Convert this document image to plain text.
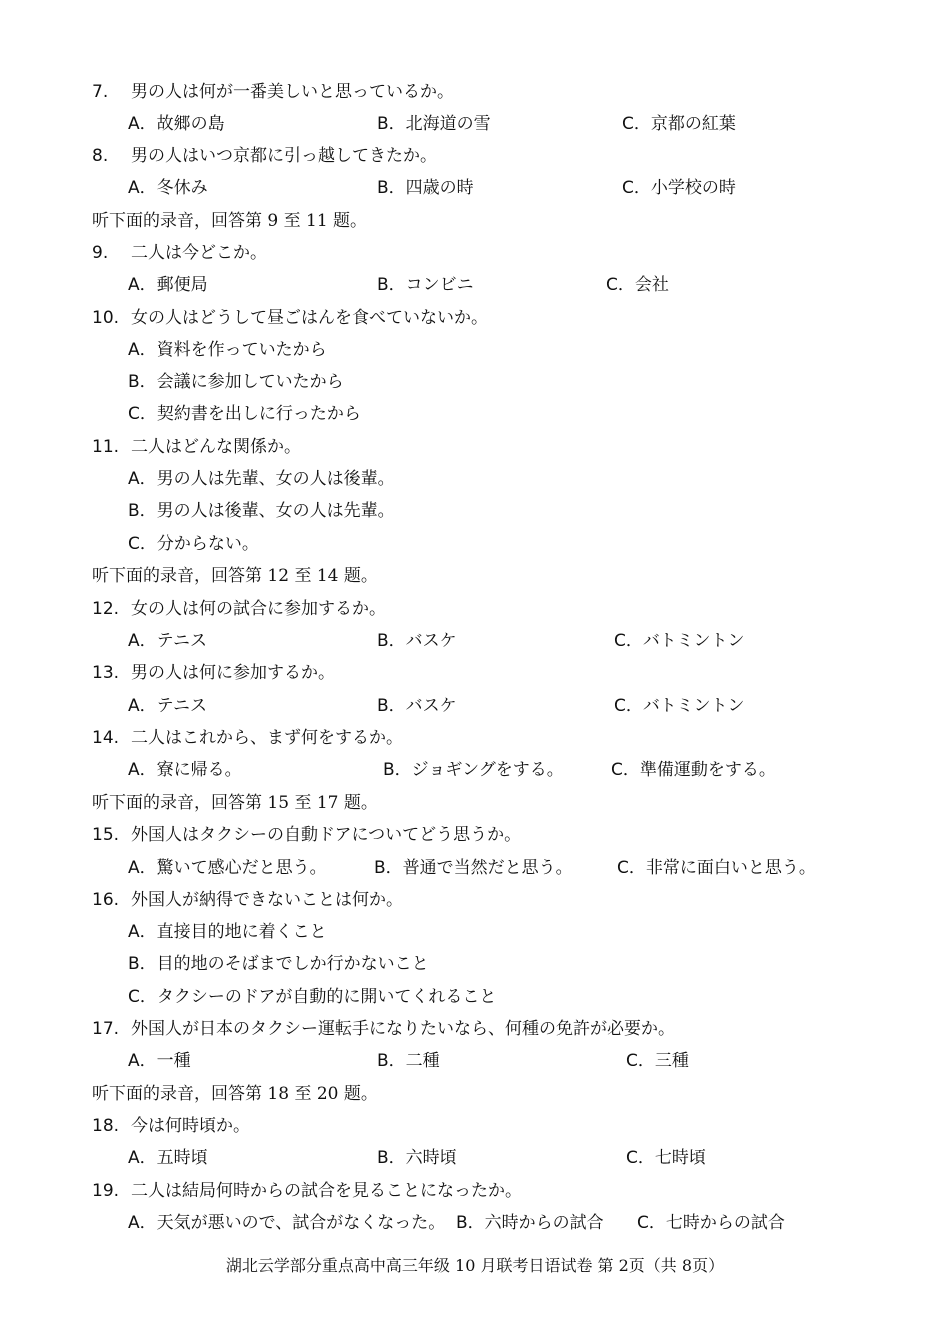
7. 男の人は何が一番美しいと思っているか。
A．故郷の島	B．北海道の雪	C．京都の紅葉
8. 男の人はいつ京都に引っ越してきたか。
A．冬休み	B．四歳の時	C．小学校の時
听下面的录音，回答第 9 至 11 题。
9. 二人は今どこか。
A．郵便局	B．コンビニ	C．会社
10. 女の人はどうして昼ごはんを食べていないか。
A．資料を作っていたから
B．会議に参加していたから
C．契約書を出しに行ったから
11. 二人はどんな関係か。
A．男の人は先輩、女の人は後輩。
B．男の人は後輩、女の人は先輩。
C．分からない。
听下面的录音，回答第 12 至 14 题。
12. 女の人は何の試合に参加するか。
A．テニス	B．バスケ	C．バトミントン
13. 男の人は何に参加するか。
A．テニス	B．バスケ	C．バトミントン
14. 二人はこれから、まず何をするか。
A．寮に帰る。	B．ジョギングをする。	C．準備運動をする。
听下面的录音，回答第 15 至 17 题。
15. 外国人はタクシーの自動ドアについてどう思うか。
A．驚いて感心だと思う。	B．普通で当然だと思う。	C．非常に面白いと思う。
16. 外国人が納得できないことは何か。
A．直接目的地に着くこと
B．目的地のそばまでしか行かないこと
C．タクシーのドアが自動的に開いてくれること
17. 外国人が日本のタクシー運転手になりたいなら、何種の免許が必要か。
A．一種	B．二種	C．三種
听下面的录音，回答第 18 至 20 题。
18. 今は何時頃か。
A．五時頃	B．六時頃	C．七時頃
19. 二人は結局何時からの試合を見ることになったか。
A．天気が悪いので、試合がなくなった。 B．六時からの試合 C．七時からの試合
湖北云学部分重点高中高三年级 10 月联考日语试卷 第 2页（共 8页）
